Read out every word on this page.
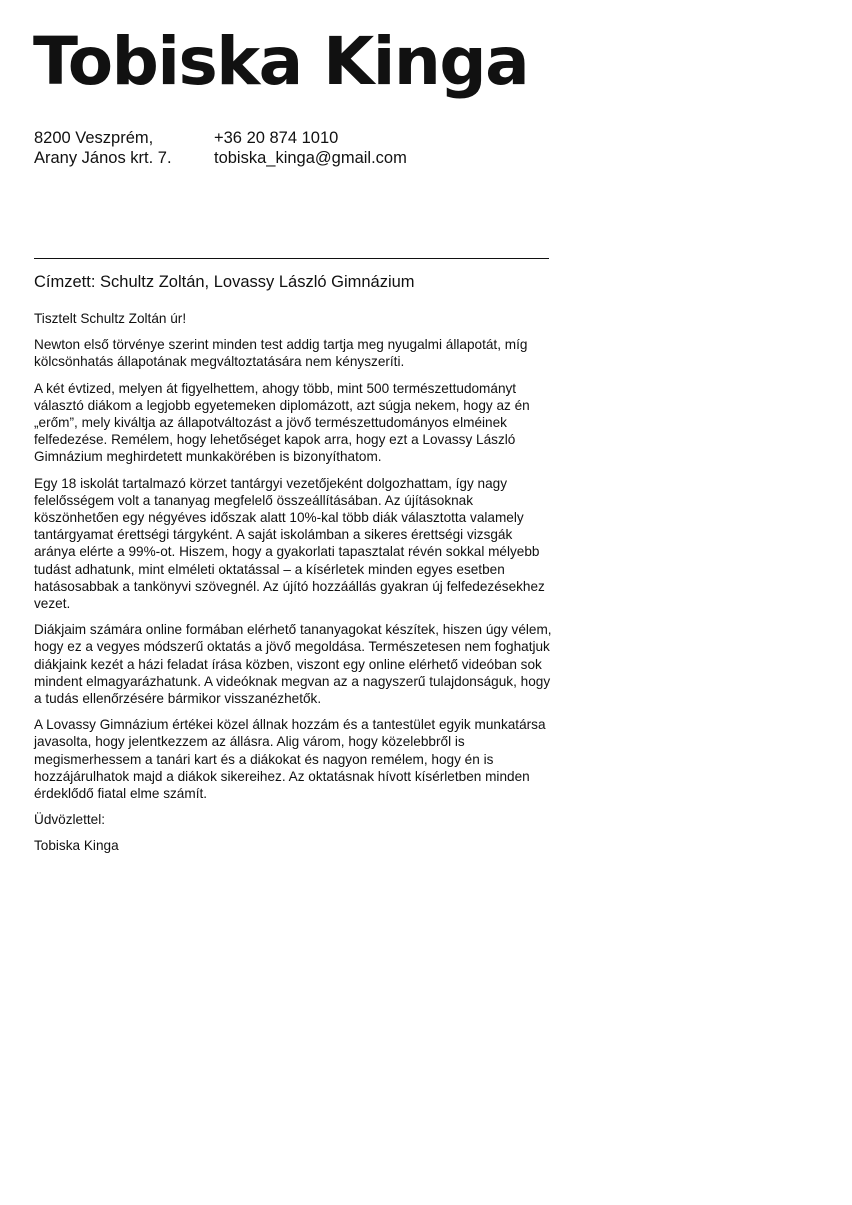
Tobiska Kinga
8200 Veszprém,
Arany János krt. 7.
+36 20 874 1010
tobiska_kinga@gmail.com
Címzett: Schultz Zoltán, Lovassy László Gimnázium

Tisztelt Schultz Zoltán úr!

Newton első törvénye szerint minden test addig tartja meg nyugalmi állapotát, míg kölcsönhatás állapotának megváltoztatására nem kényszeríti.

A két évtized, melyen át figyelhettem, ahogy több, mint 500 természettudományt választó diákom a legjobb egyetemeken diplomázott, azt súgja nekem, hogy az én „erőm”, mely kiváltja az állapotváltozást a jövő természettudományos elméinek felfedezése. Remélem, hogy lehetőséget kapok arra, hogy ezt a Lovassy László Gimnázium meghirdetett munkakörében is bizonyíthatom.

Egy 18 iskolát tartalmazó körzet tantárgyi vezetőjeként dolgozhattam, így nagy felelősségem volt a tananyag megfelelő összeállításában. Az újításoknak köszönhetően egy négyéves időszak alatt 10%-kal több diák választotta valamely tantárgyamat érettségi tárgyként. A saját iskolámban a sikeres érettségi vizsgák aránya elérte a 99%-ot. Hiszem, hogy a gyakorlati tapasztalat révén sokkal mélyebb tudást adhatunk, mint elméleti oktatással – a kísérletek minden egyes esetben hatásosabbak a tankönyvi szövegnél. Az újító hozzáállás gyakran új felfedezésekhez vezet.

Diákjaim számára online formában elérhető tananyagokat készítek, hiszen úgy vélem, hogy ez a vegyes módszerű oktatás a jövő megoldása. Természetesen nem foghatjuk diákjaink kezét a házi feladat írása közben, viszont egy online elérhető videóban sok mindent elmagyarázhatunk. A videóknak megvan az a nagyszerű tulajdonságuk, hogy a tudás ellenőrzésére bármikor visszanézhetők.

A Lovassy Gimnázium értékei közel állnak hozzám és a tantestület egyik munkatársa javasolta, hogy jelentkezzem az állásra. Alig várom, hogy közelebbről is megismerhessem a tanári kart és a diákokat és nagyon remélem, hogy én is hozzájárulhatok majd a diákok sikereihez. Az oktatásnak hívott kísérletben minden érdeklődő fiatal elme számít.

Üdvözlettel:

Tobiska Kinga
